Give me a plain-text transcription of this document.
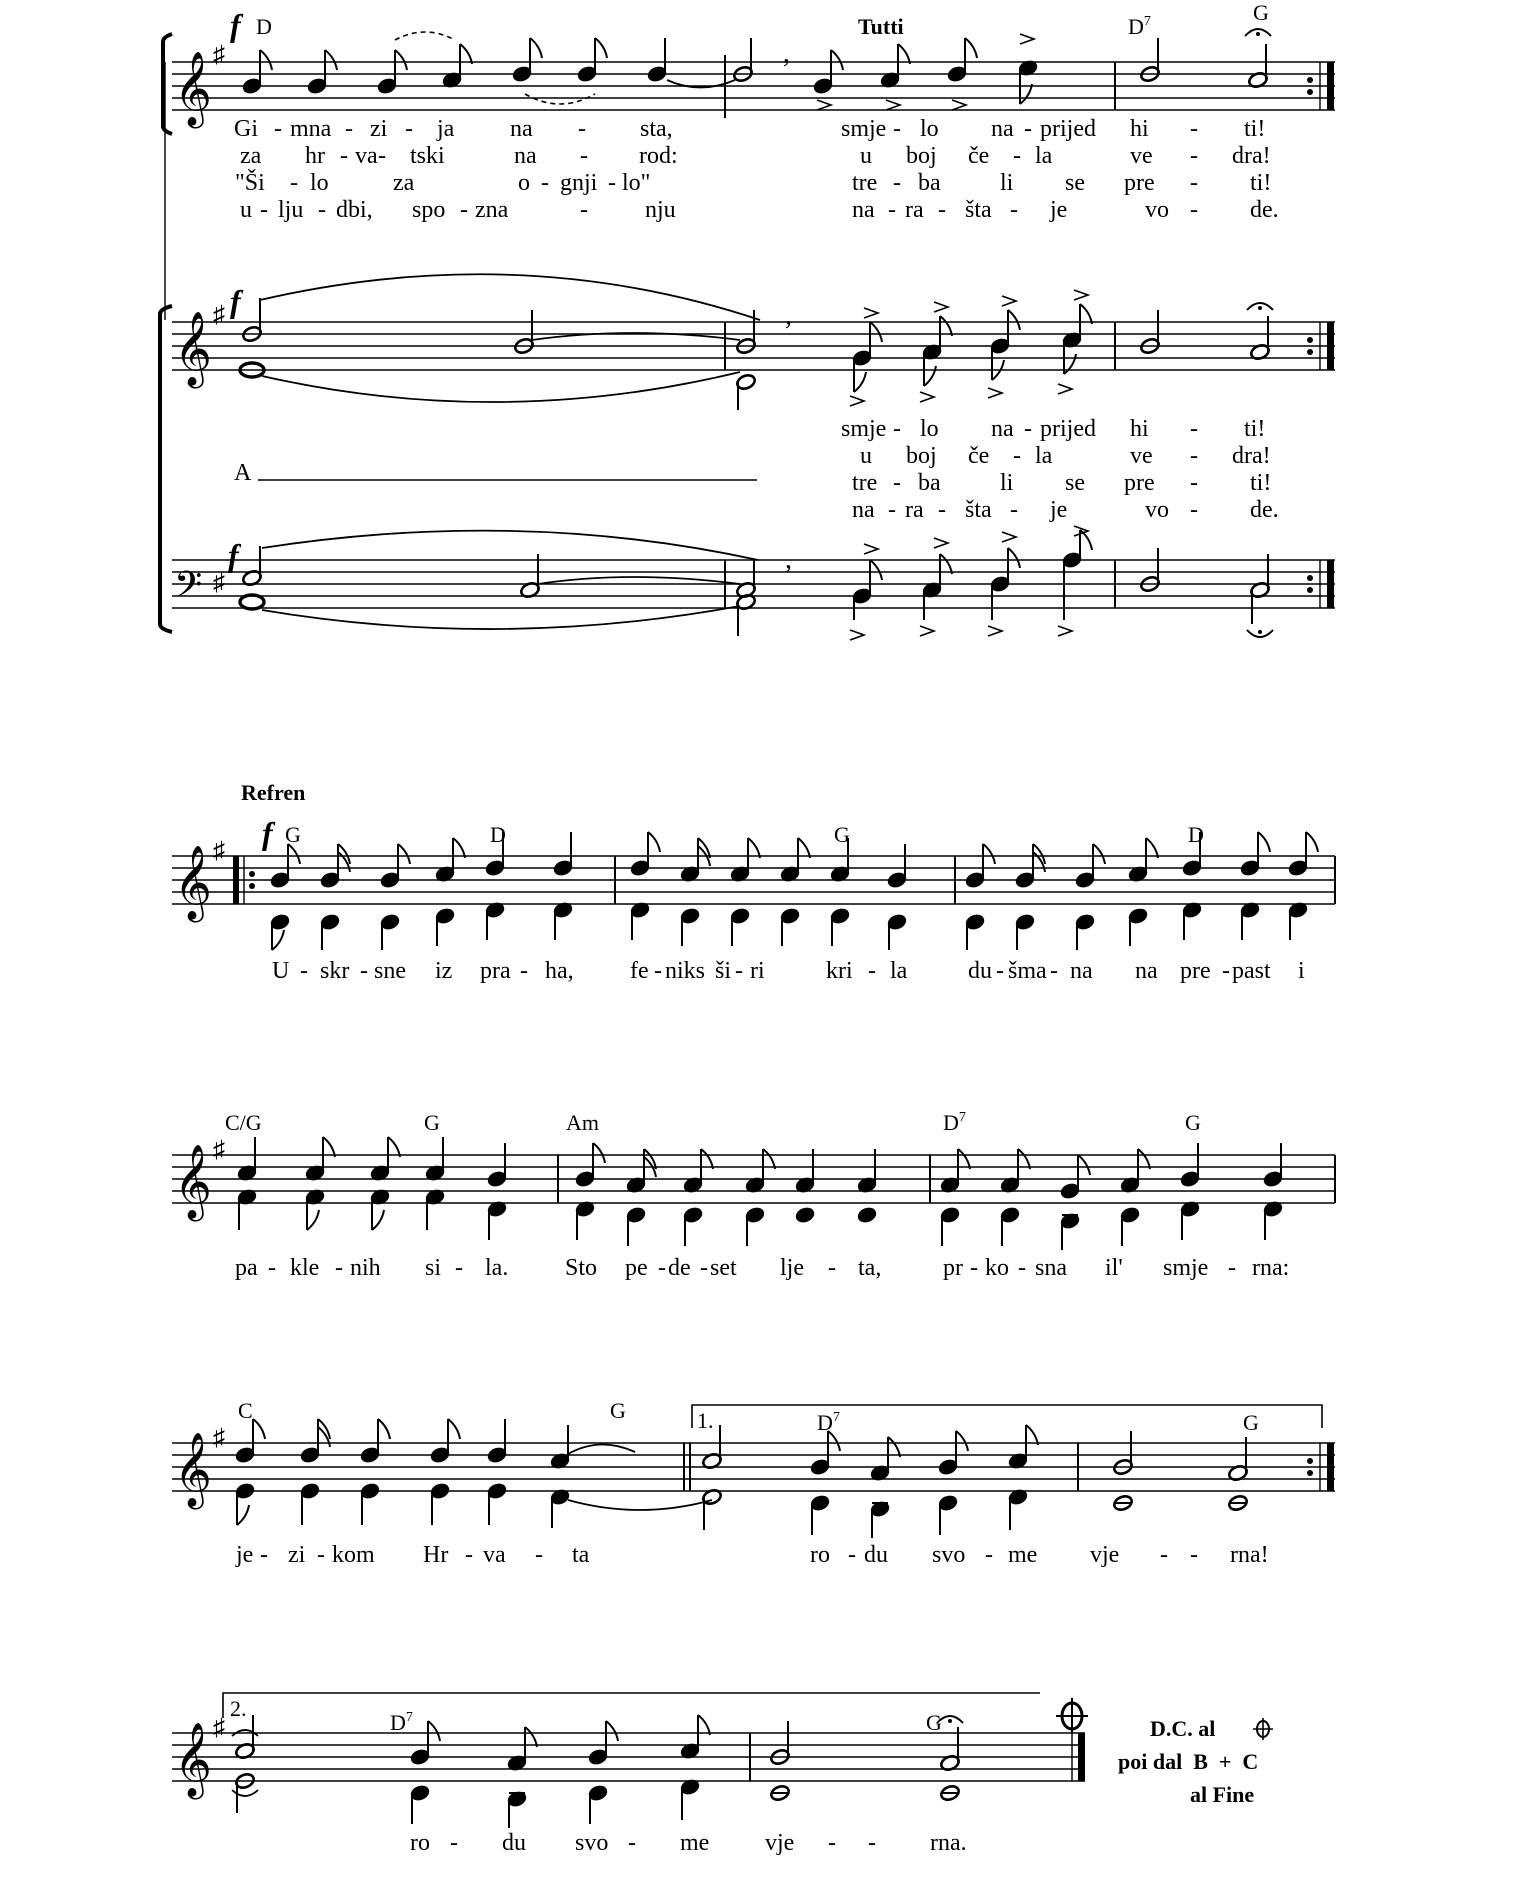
𝄞
𝄞
𝄢
♯
♯
♯
f D	Tutti	$D^7$	G
f
f
,
Gi - mna - zi - ja na - sta,	smje - lo na - prijed hi - ti!
za hr - va- tski	na - rod:	u boj če - la	ve - dra!
"Ši - lo	za	o - gnji - lo"	tre - ba li se pre - ti!
u - lju - dbi, spo - zna	- nju	na - ra - šta - je	vo - de.
,
smje - lo na - prijed hi - ti!
u boj če - la	ve - dra!
tre - ba li se pre - ti!
na - ra - šta - je	vo - de.
A
,
Refren
𝄞 ♯ f G	D	G	D
U - skr - sne iz pra - ha, fe - niks ši - ri	kri - la	du - šma - na na pre - past i
𝄞 ♯
C/G	G	Am	$D^7$	G
pa - kle - nih si - la. Sto pe -de -set lje - ta,	pr - ko - sna il' smje - rna:
𝄞 ♯
C	G	$D^7$	G
1.
je - zi - kom Hr - va - ta	ro - du svo - me vje - - rna!
𝄞 ♯
2.
$D^7$	G
ro - du svo - me vje - - rna.
D.C. al
poi dal  B  +  C
al Fine
